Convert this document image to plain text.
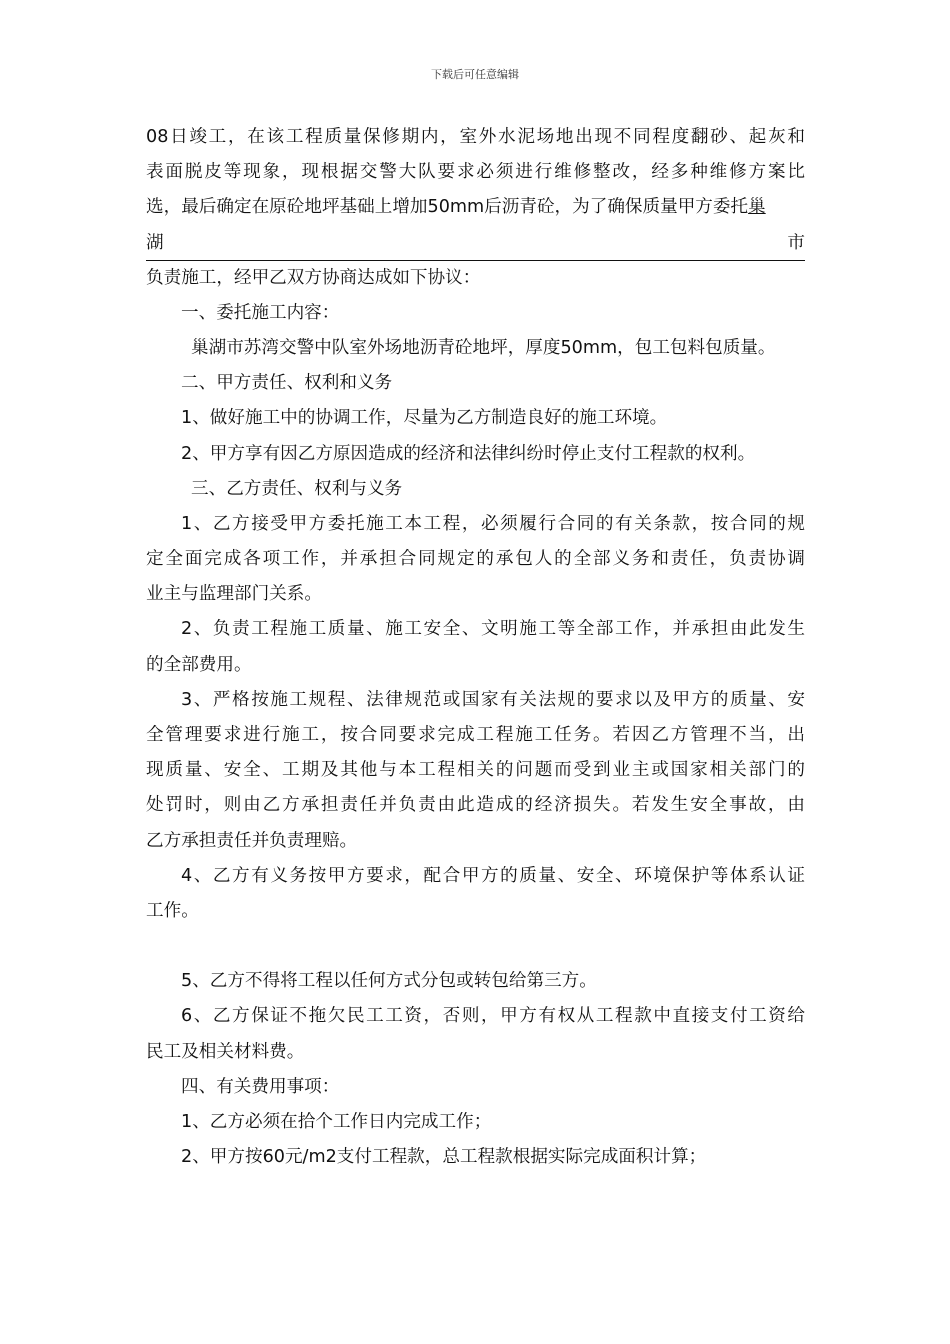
下载后可任意编辑
08日竣工，在该工程质量保修期内，室外水泥场地出现不同程度翻砂、起灰和
表面脱皮等现象，现根据交警大队要求必须进行维修整改，经多种维修方案比
选，最后确定在原砼地坪基础上增加50mm后沥青砼，为了确保质量甲方委托巢
湖	市
负责施工，经甲乙双方协商达成如下协议：
一、委托施工内容：
巢湖市苏湾交警中队室外场地沥青砼地坪，厚度50mm，包工包料包质量。
二、甲方责任、权利和义务
1、做好施工中的协调工作，尽量为乙方制造良好的施工环境。
2、甲方享有因乙方原因造成的经济和法律纠纷时停止支付工程款的权利。
三、乙方责任、权利与义务
1、乙方接受甲方委托施工本工程，必须履行合同的有关条款，按合同的规
定全面完成各项工作，并承担合同规定的承包人的全部义务和责任，负责协调
业主与监理部门关系。
2、负责工程施工质量、施工安全、文明施工等全部工作，并承担由此发生
的全部费用。
3、严格按施工规程、法律规范或国家有关法规的要求以及甲方的质量、安
全管理要求进行施工，按合同要求完成工程施工任务。若因乙方管理不当，出
现质量、安全、工期及其他与本工程相关的问题而受到业主或国家相关部门的
处罚时，则由乙方承担责任并负责由此造成的经济损失。若发生安全事故，由
乙方承担责任并负责理赔。
4、乙方有义务按甲方要求，配合甲方的质量、安全、环境保护等体系认证
工作。
5、乙方不得将工程以任何方式分包或转包给第三方。
6、乙方保证不拖欠民工工资，否则，甲方有权从工程款中直接支付工资给
民工及相关材料费。
四、有关费用事项：
1、乙方必须在拾个工作日内完成工作；
2、甲方按60元/m2支付工程款，总工程款根据实际完成面积计算；
